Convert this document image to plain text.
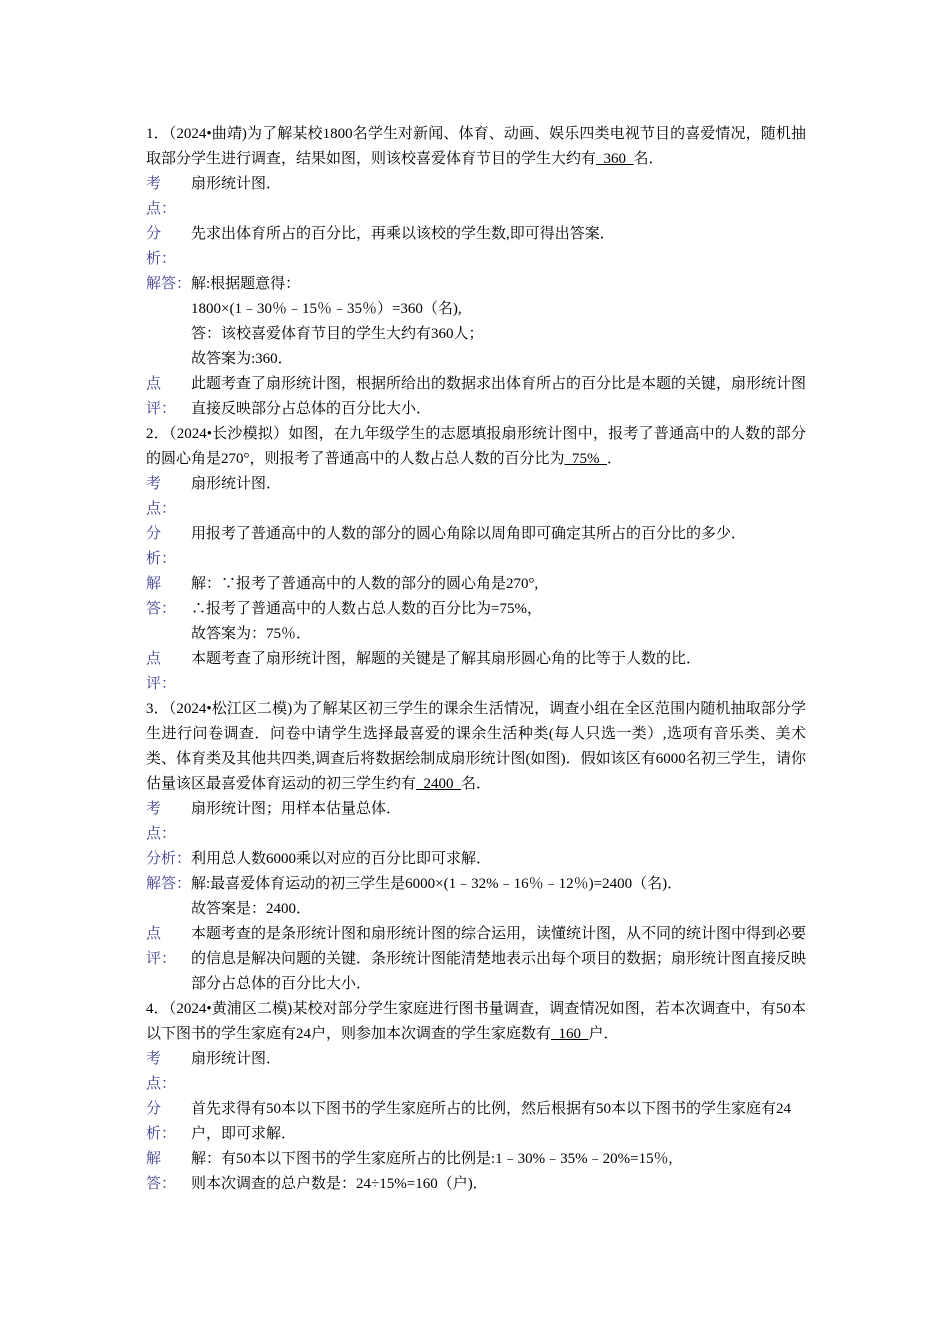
1．（2024•曲靖)为了解某校1800名学生对新闻、体育、动画、娱乐四类电视节目的喜爱情况，随机抽取部分学生进行调查，结果如图，则该校喜爱体育节目的学生大约有  360  名．

考
点：
扇形统计图．
分
析：
先求出体育所占的百分比，再乘以该校的学生数,即可得出答案．
解答： 解:根据题意得：
1800×(1﹣30％﹣15％﹣35％）=360（名),
答：该校喜爱体育节目的学生大约有360人；
故答案为:360．
点
评：
此题考查了扇形统计图，根据所给出的数据求出体育所占的百分比是本题的关键，扇形统计图直接反映部分占总体的百分比大小．

2．（2024•长沙模拟）如图，在九年级学生的志愿填报扇形统计图中，报考了普通高中的人数的部分的圆心角是270°，则报考了普通高中的人数占总人数的百分比为  75%  ．

考
点：
扇形统计图．
分
析：
用报考了普通高中的人数的部分的圆心角除以周角即可确定其所占的百分比的多少．
解
答：
解：∵报考了普通高中的人数的部分的圆心角是270°,
∴报考了普通高中的人数占总人数的百分比为=75%，
故答案为：75％．
点
评：
本题考查了扇形统计图，解题的关键是了解其扇形圆心角的比等于人数的比．

3．（2024•松江区二模)为了解某区初三学生的课余生活情况，调查小组在全区范围内随机抽取部分学生进行问卷调查．问卷中请学生选择最喜爱的课余生活种类(每人只选一类）,选项有音乐类、美术类、体育类及其他共四类,调查后将数据绘制成扇形统计图(如图)．假如该区有6000名初三学生，请你估量该区最喜爱体育运动的初三学生约有  2400  名．

考
点：
扇形统计图；用样本估量总体．
分析： 利用总人数6000乘以对应的百分比即可求解．
解答： 解:最喜爱体育运动的初三学生是6000×(1﹣32%﹣16％﹣12％)=2400（名)．
故答案是：2400．
点
评：
本题考查的是条形统计图和扇形统计图的综合运用，读懂统计图，从不同的统计图中得到必要的信息是解决问题的关键．条形统计图能清楚地表示出每个项目的数据；扇形统计图直接反映部分占总体的百分比大小．

4．（2024•黄浦区二模)某校对部分学生家庭进行图书量调查，调查情况如图，若本次调查中，有50本以下图书的学生家庭有24户，则参加本次调查的学生家庭数有  160  户．

考
点：
扇形统计图．
分
析：
首先求得有50本以下图书的学生家庭所占的比例，然后根据有50本以下图书的学生家庭有24户，即可求解．
解
答：
解：有50本以下图书的学生家庭所占的比例是:1﹣30%﹣35%﹣20%=15％,
则本次调查的总户数是：24÷15%=160（户)．
